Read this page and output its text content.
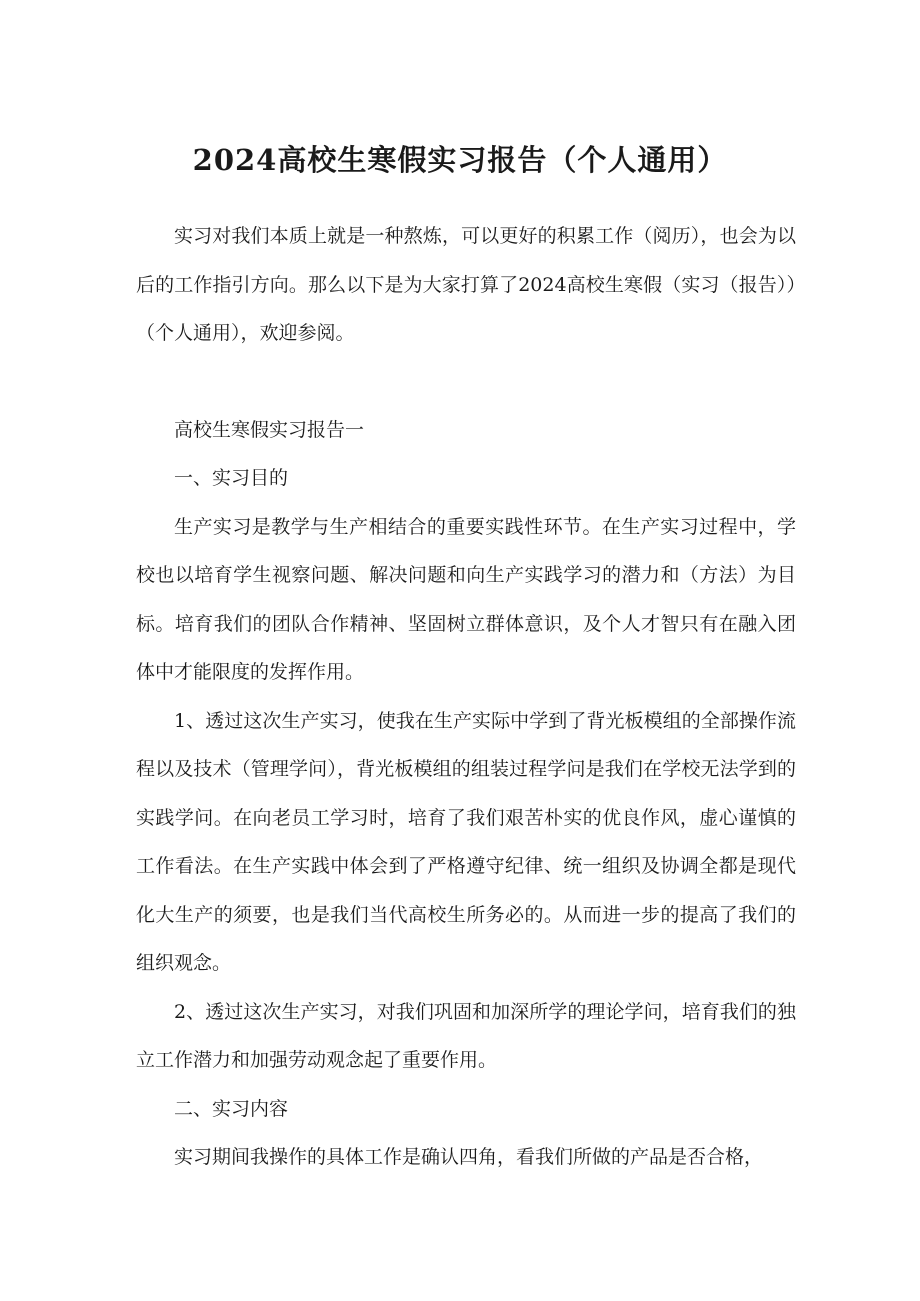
2024高校生寒假实习报告（个人通用）

实习对我们本质上就是一种熬炼，可以更好的积累工作（阅历），也会为以后的工作指引方向。那么以下是为大家打算了2024高校生寒假（实习（报告））（个人通用），欢迎参阅。

高校生寒假实习报告一

一、实习目的

生产实习是教学与生产相结合的重要实践性环节。在生产实习过程中，学校也以培育学生视察问题、解决问题和向生产实践学习的潜力和（方法）为目标。培育我们的团队合作精神、坚固树立群体意识，及个人才智只有在融入团体中才能限度的发挥作用。

1、透过这次生产实习，使我在生产实际中学到了背光板模组的全部操作流程以及技术（管理学问），背光板模组的组装过程学问是我们在学校无法学到的实践学问。在向老员工学习时，培育了我们艰苦朴实的优良作风，虚心谨慎的工作看法。在生产实践中体会到了严格遵守纪律、统一组织及协调全都是现代化大生产的须要，也是我们当代高校生所务必的。从而进一步的提高了我们的组织观念。

2、透过这次生产实习，对我们巩固和加深所学的理论学问，培育我们的独立工作潜力和加强劳动观念起了重要作用。

二、实习内容

实习期间我操作的具体工作是确认四角，看我们所做的产品是否合格，
